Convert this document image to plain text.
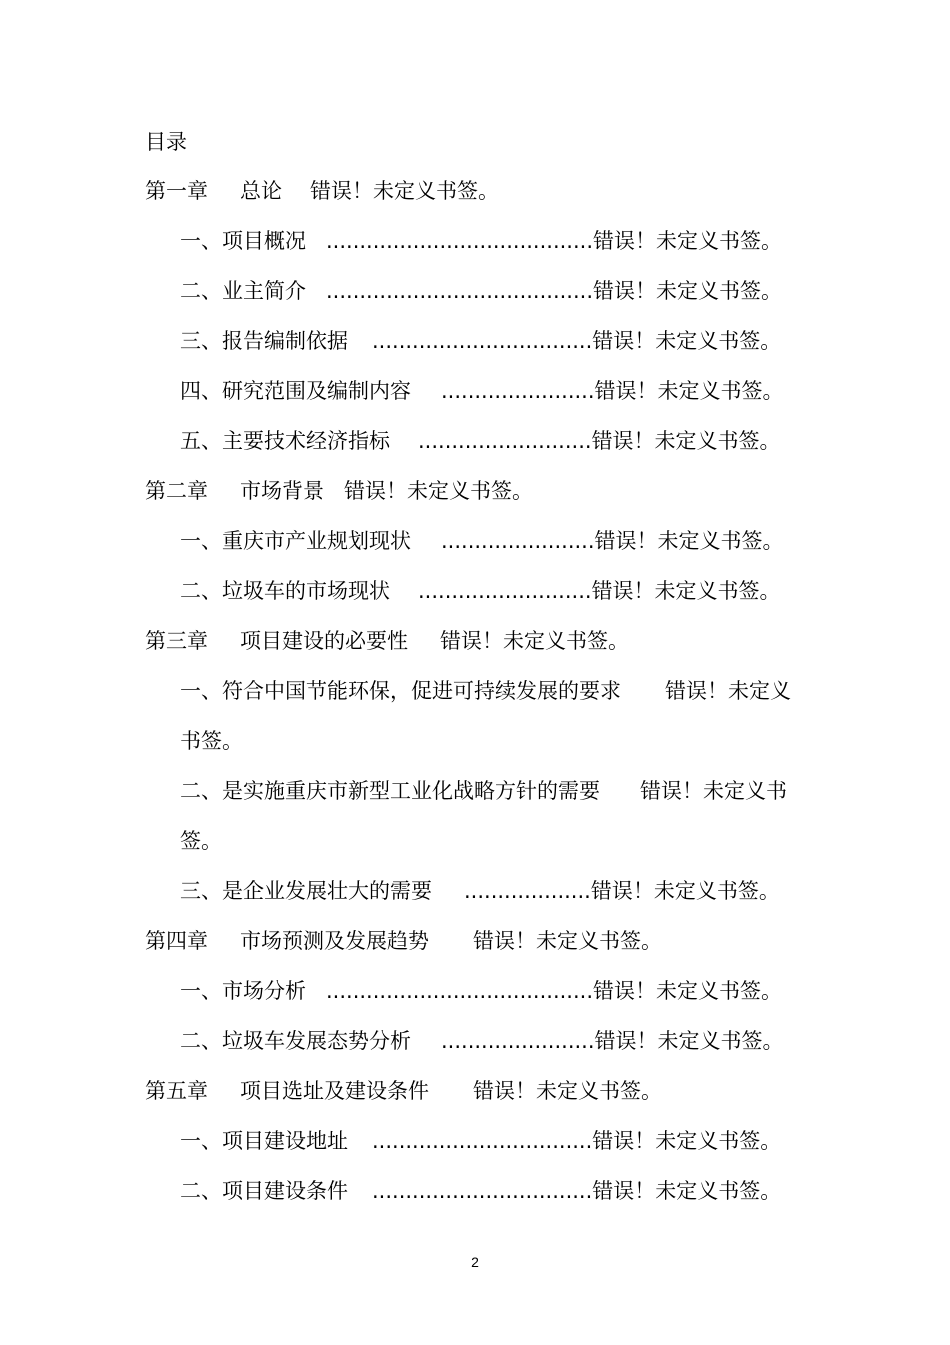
目录
第一章 总论 错误！未定义书签。
一、项目概况 ........................................错误！未定义书签。
二、业主简介 ........................................错误！未定义书签。
三、报告编制依据 .................................错误！未定义书签。
四、研究范围及编制内容 .......................错误！未定义书签。
五、主要技术经济指标 ..........................错误！未定义书签。
第二章 市场背景 错误！未定义书签。
一、重庆市产业规划现状 .......................错误！未定义书签。
二、垃圾车的市场现状 ..........................错误！未定义书签。
第三章 项目建设的必要性 错误！未定义书签。
一、符合中国节能环保，促进可持续发展的要求 错误！未定义
书签。
二、是实施重庆市新型工业化战略方针的需要 错误！未定义书
签。
三、是企业发展壮大的需要 ...................错误！未定义书签。
第四章 市场预测及发展趋势 错误！未定义书签。
一、市场分析 ........................................错误！未定义书签。
二、垃圾车发展态势分析 .......................错误！未定义书签。
第五章 项目选址及建设条件 错误！未定义书签。
一、项目建设地址 .................................错误！未定义书签。
二、项目建设条件 .................................错误！未定义书签。
2
